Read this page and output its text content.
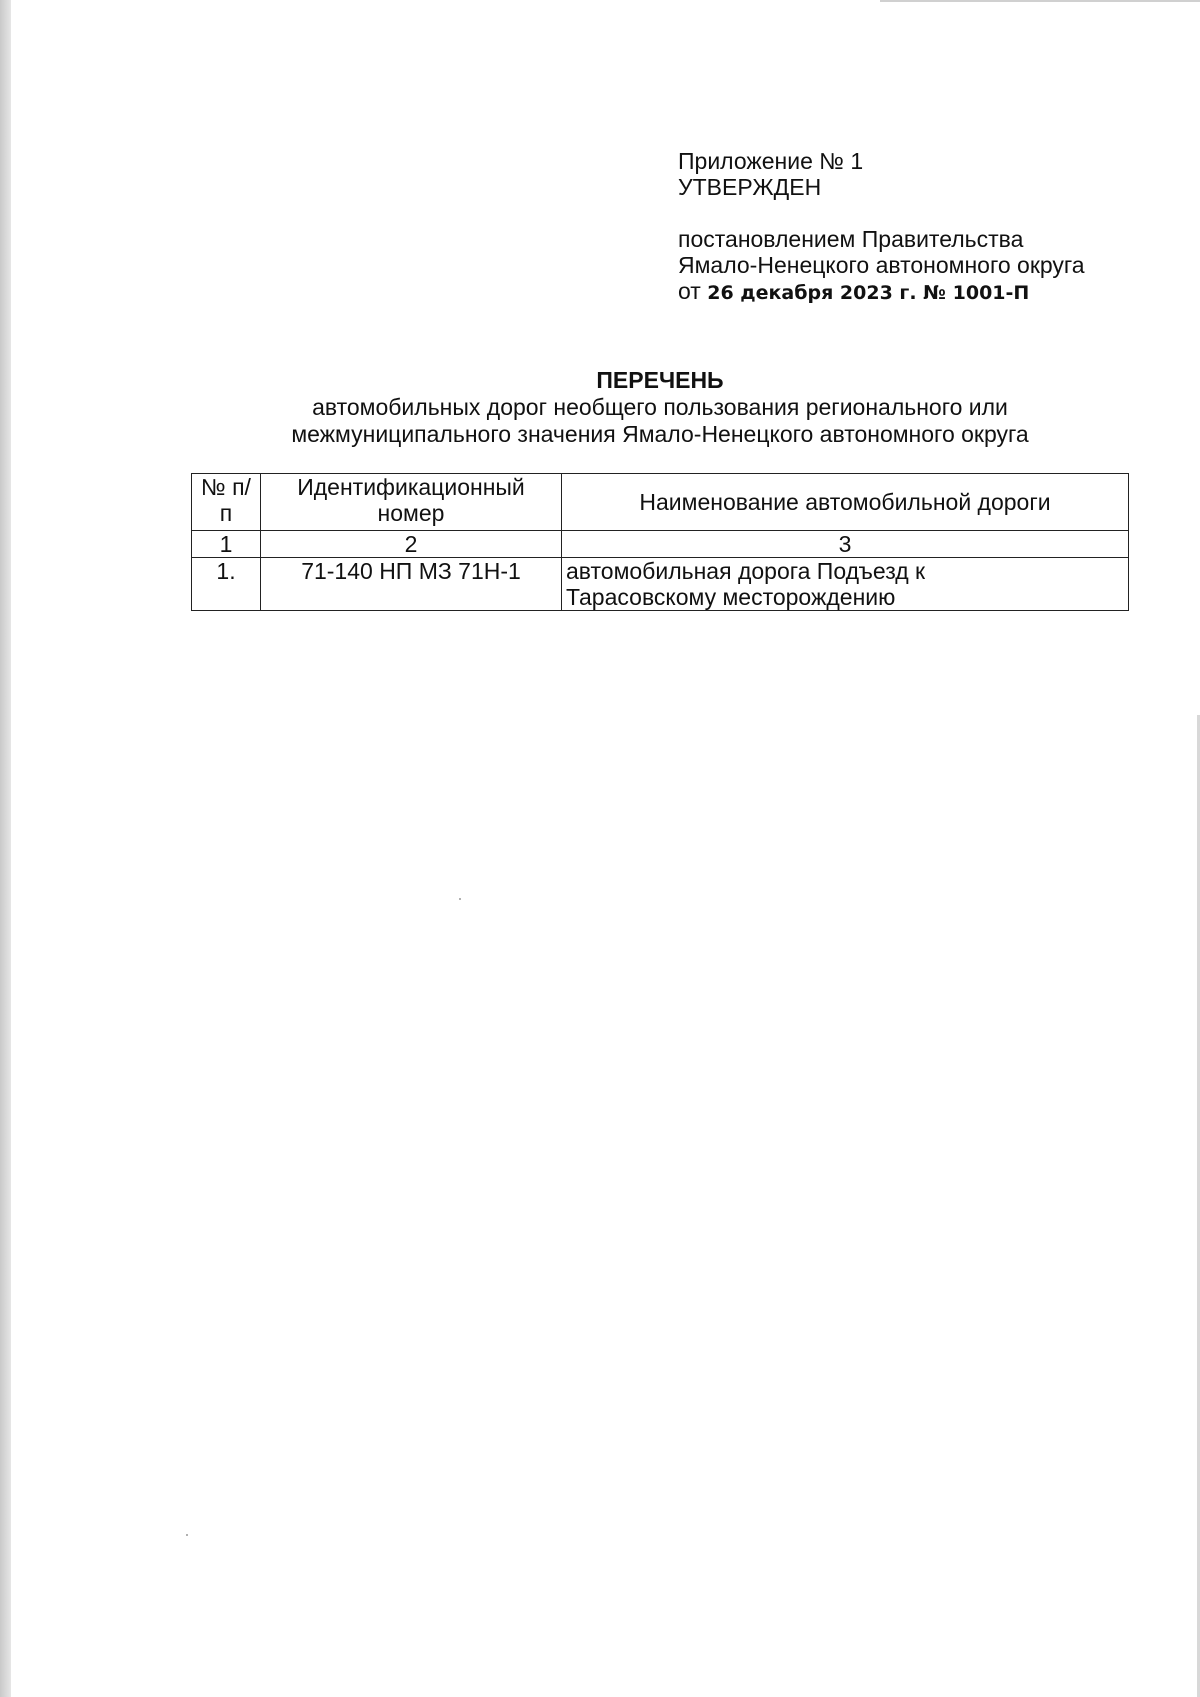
Приложение № 1
УТВЕРЖДЕН
постановлением Правительства
Ямало-Ненецкого автономного округа
от 26 декабря 2023 г. № 1001-П
ПЕРЕЧЕНЬ
автомобильных дорог необщего пользования регионального или
межмуниципального значения Ямало-Ненецкого автономного округа
№ п/п	Идентификационный номер	Наименование автомобильной дороги
1	2	3
1.	71-140 НП МЗ 71Н-1	автомобильная дорога Подъезд к
Тарасовскому месторождению
